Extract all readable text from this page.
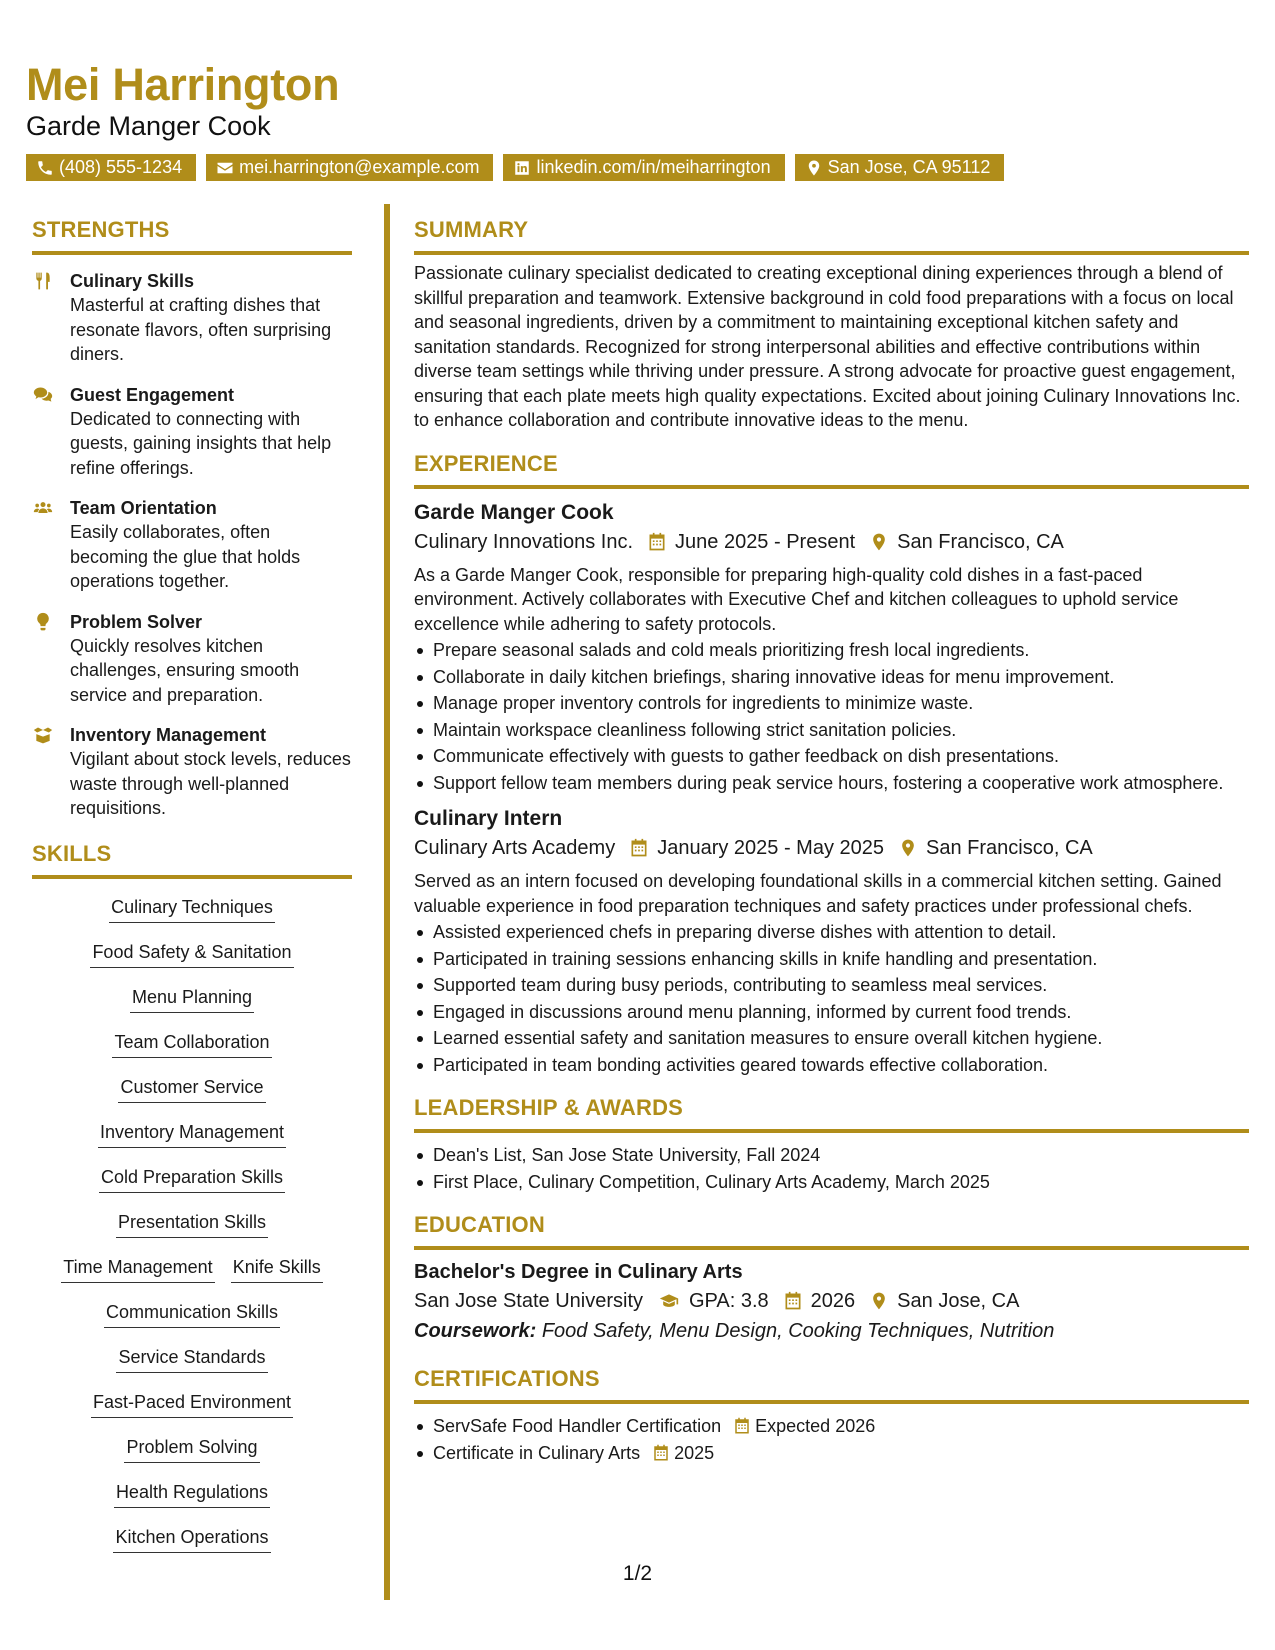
Mei Harrington
Garde Manger Cook
(408) 555-1234	mei.harrington@example.com	linkedin.com/in/meiharrington	San Jose, CA 95112
STRENGTHS
Culinary Skills
Masterful at crafting dishes that resonate flavors, often surprising diners.
Guest Engagement
Dedicated to connecting with guests, gaining insights that help refine offerings.
Team Orientation
Easily collaborates, often becoming the glue that holds operations together.
Problem Solver
Quickly resolves kitchen challenges, ensuring smooth service and preparation.
Inventory Management
Vigilant about stock levels, reduces waste through well-planned requisitions.
SKILLS
Culinary Techniques
Food Safety & Sanitation
Menu Planning
Team Collaboration
Customer Service
Inventory Management
Cold Preparation Skills
Presentation Skills
Time Management Knife Skills
Communication Skills
Service Standards
Fast-Paced Environment
Problem Solving
Health Regulations
Kitchen Operations
SUMMARY
Passionate culinary specialist dedicated to creating exceptional dining experiences through a blend of skillful preparation and teamwork. Extensive background in cold food preparations with a focus on local and seasonal ingredients, driven by a commitment to maintaining exceptional kitchen safety and sanitation standards. Recognized for strong interpersonal abilities and effective contributions within diverse team settings while thriving under pressure. A strong advocate for proactive guest engagement, ensuring that each plate meets high quality expectations. Excited about joining Culinary Innovations Inc. to enhance collaboration and contribute innovative ideas to the menu.
EXPERIENCE
Garde Manger Cook
Culinary Innovations Inc. June 2025 - Present San Francisco, CA
As a Garde Manger Cook, responsible for preparing high-quality cold dishes in a fast-paced environment. Actively collaborates with Executive Chef and kitchen colleagues to uphold service excellence while adhering to safety protocols.
Prepare seasonal salads and cold meals prioritizing fresh local ingredients.
Collaborate in daily kitchen briefings, sharing innovative ideas for menu improvement.
Manage proper inventory controls for ingredients to minimize waste.
Maintain workspace cleanliness following strict sanitation policies.
Communicate effectively with guests to gather feedback on dish presentations.
Support fellow team members during peak service hours, fostering a cooperative work atmosphere.
Culinary Intern
Culinary Arts Academy January 2025 - May 2025 San Francisco, CA
Served as an intern focused on developing foundational skills in a commercial kitchen setting. Gained valuable experience in food preparation techniques and safety practices under professional chefs.
Assisted experienced chefs in preparing diverse dishes with attention to detail.
Participated in training sessions enhancing skills in knife handling and presentation.
Supported team during busy periods, contributing to seamless meal services.
Engaged in discussions around menu planning, informed by current food trends.
Learned essential safety and sanitation measures to ensure overall kitchen hygiene.
Participated in team bonding activities geared towards effective collaboration.
LEADERSHIP & AWARDS
Dean's List, San Jose State University, Fall 2024
First Place, Culinary Competition, Culinary Arts Academy, March 2025
EDUCATION
Bachelor's Degree in Culinary Arts
San Jose State University GPA: 3.8 2026 San Jose, CA
Coursework: Food Safety, Menu Design, Cooking Techniques, Nutrition
CERTIFICATIONS
ServSafe Food Handler Certification Expected 2026
Certificate in Culinary Arts 2025
1/2
